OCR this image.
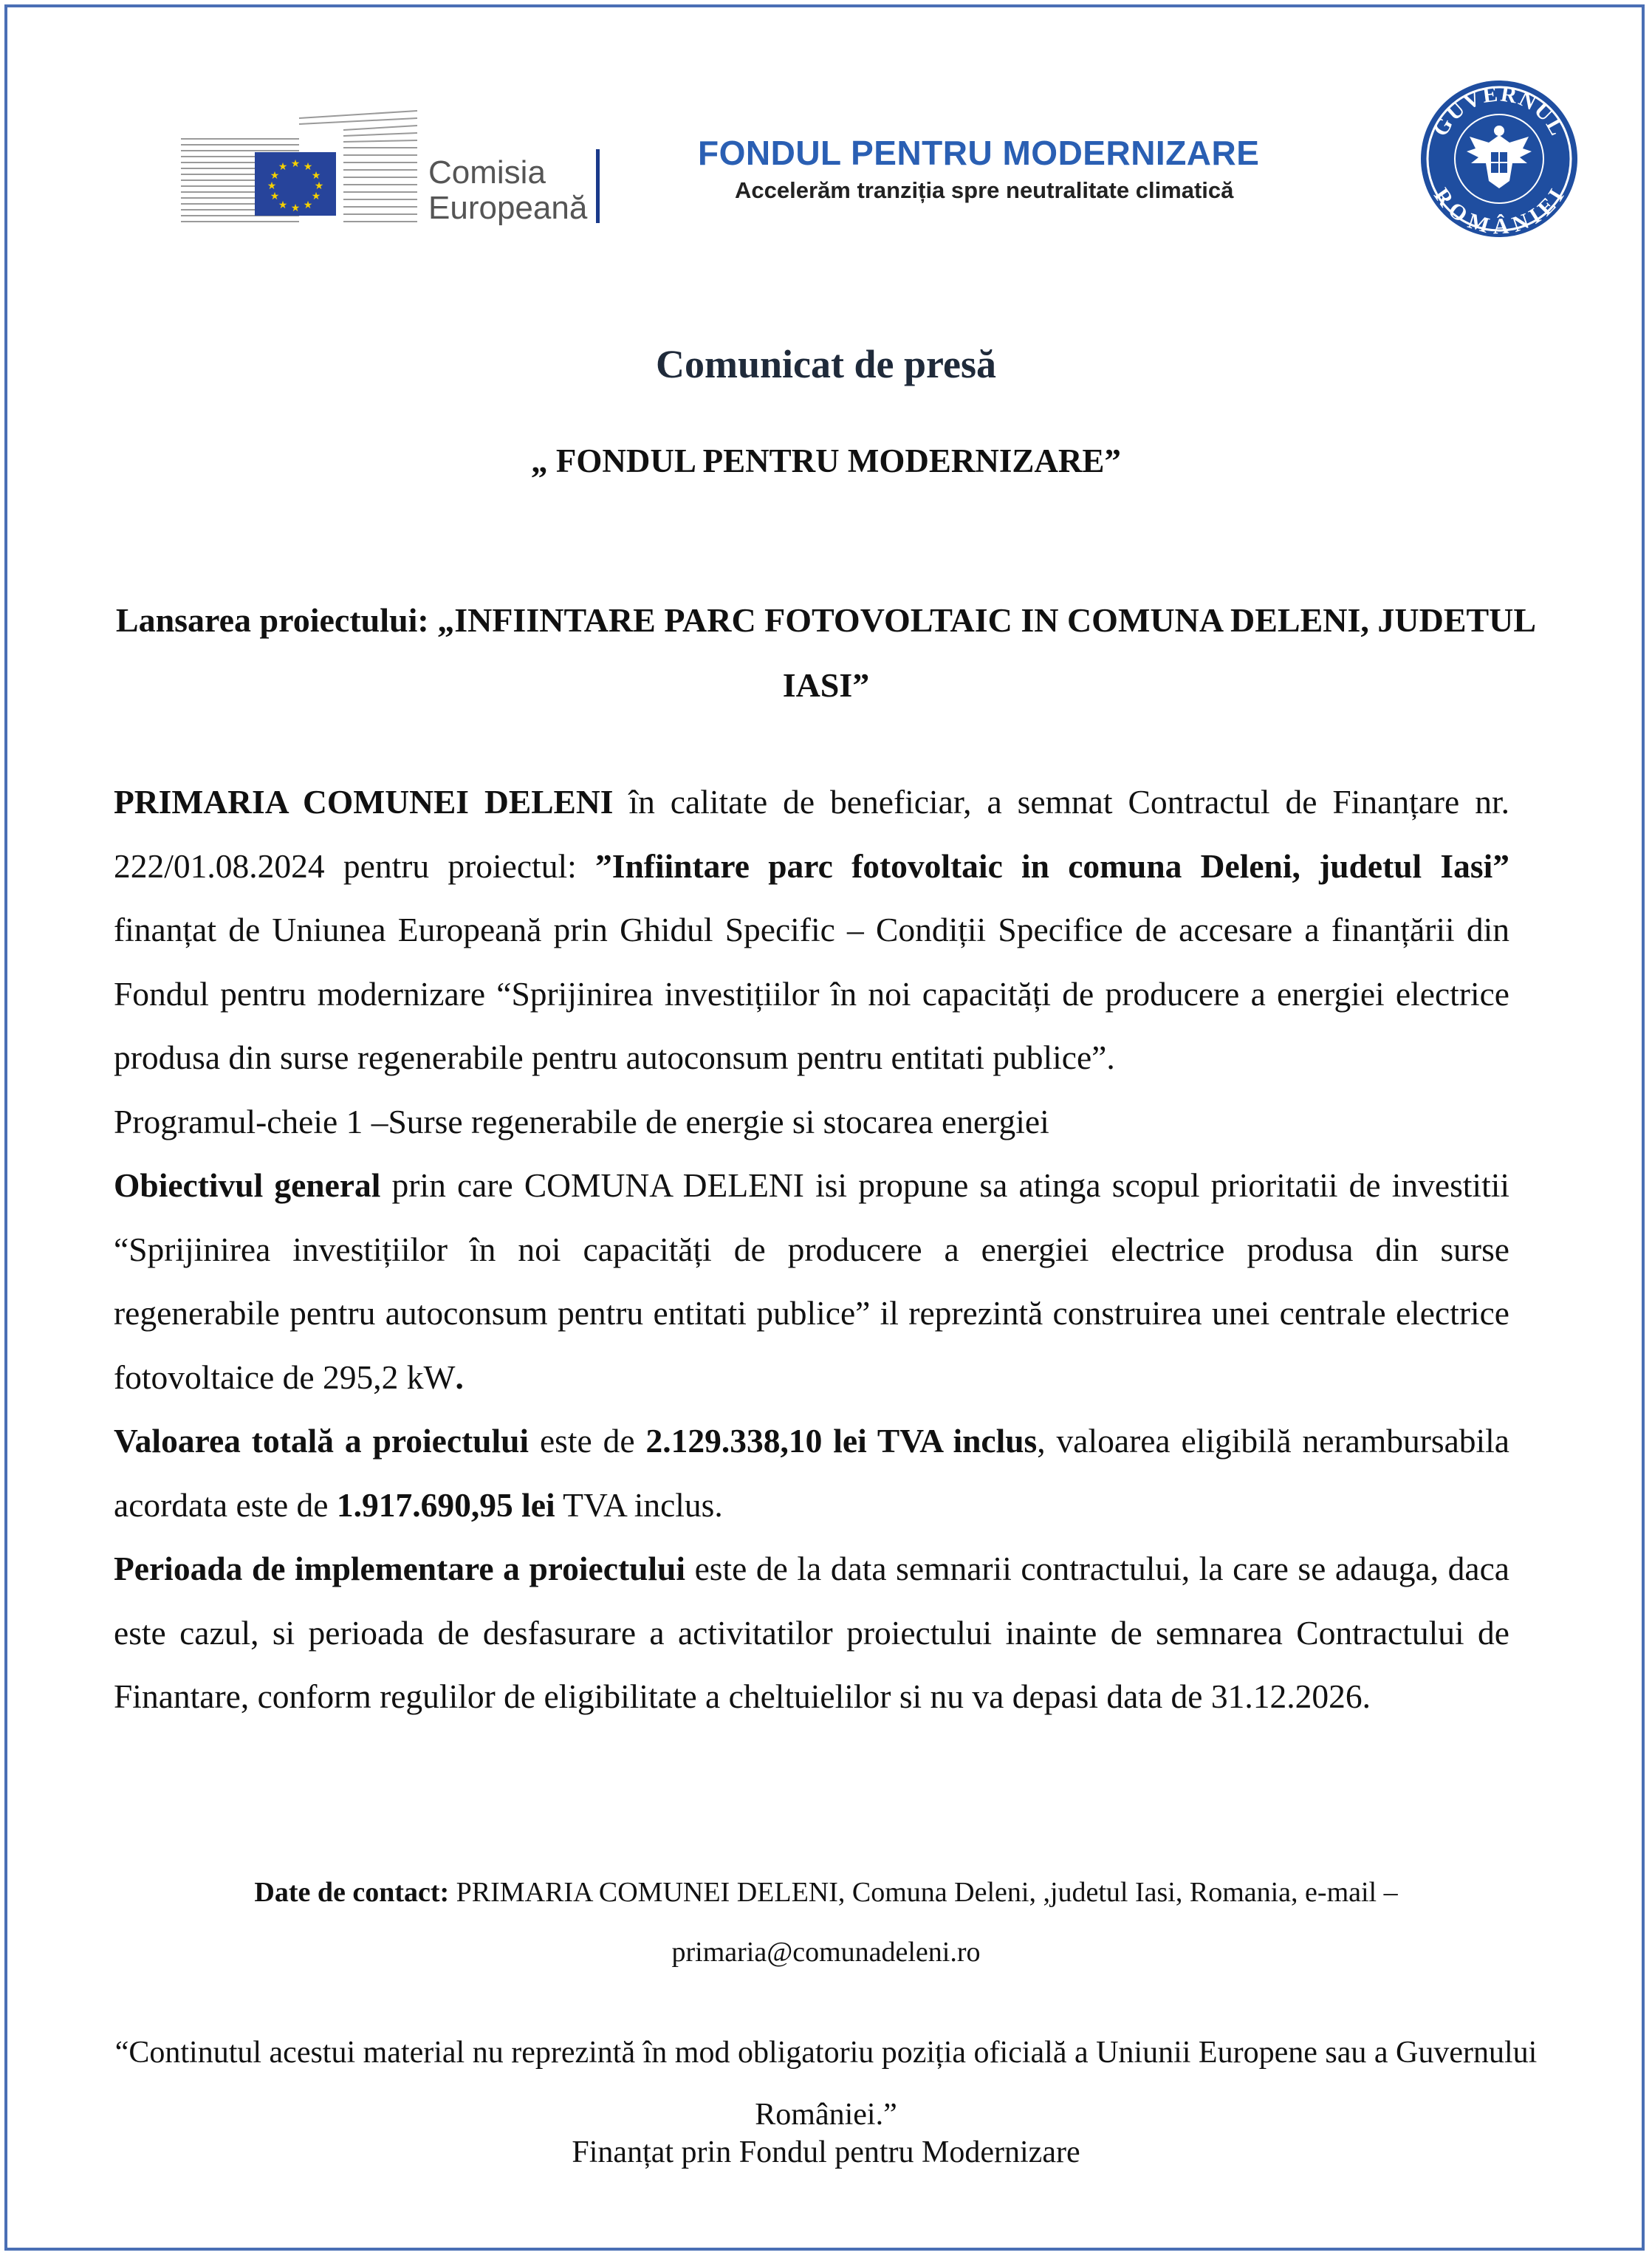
★ ★
★
★
★
★
★
★
★
★
★
★	Comisia
Europeană
FONDUL PENTRU MODERNIZARE
Accelerăm tranziția spre neutralitate climatică
GUVERNUL
ROMÂNIEI
Comunicat de presă
„ FONDUL PENTRU MODERNIZARE”
Lansarea proiectului: „INFIINTARE PARC FOTOVOLTAIC IN COMUNA DELENI, JUDETUL IASI”

PRIMARIA COMUNEI DELENI în calitate de beneficiar, a semnat Contractul de Finanțare nr. 222/01.08.2024 pentru proiectul: ”Infiintare parc fotovoltaic in comuna Deleni, judetul Iasi” finanțat de Uniunea Europeană prin Ghidul Specific – Condiții Specifice de accesare a finanțării din Fondul pentru modernizare “Sprijinirea investițiilor în noi capacități de producere a energiei electrice produsa din surse regenerabile pentru autoconsum pentru entitati publice”.

Programul-cheie 1 –Surse regenerabile de energie si stocarea energiei

Obiectivul general prin care COMUNA DELENI isi propune sa atinga scopul prioritatii de investitii “Sprijinirea investițiilor în noi capacități de producere a energiei electrice produsa din surse regenerabile pentru autoconsum pentru entitati publice” il reprezintă construirea unei centrale electrice fotovoltaice de 295,2 kW.

Valoarea totală a proiectului este de 2.129.338,10 lei TVA inclus, valoarea eligibilă nerambursabila acordata este de 1.917.690,95 lei TVA inclus.

Perioada de implementare a proiectului este de la data semnarii contractului, la care se adauga, daca este cazul, si perioada de desfasurare a activitatilor proiectului inainte de semnarea Contractului de Finantare, conform regulilor de eligibilitate a cheltuielilor si nu va depasi data de 31.12.2026.

Date de contact: PRIMARIA COMUNEI DELENI, Comuna Deleni, ,judetul Iasi, Romania, e-mail – primaria@comunadeleni.ro
“Continutul acestui material nu reprezintă în mod obligatoriu poziția oficială a Uniunii Europene sau a Guvernului României.”
Finanțat prin Fondul pentru Modernizare
